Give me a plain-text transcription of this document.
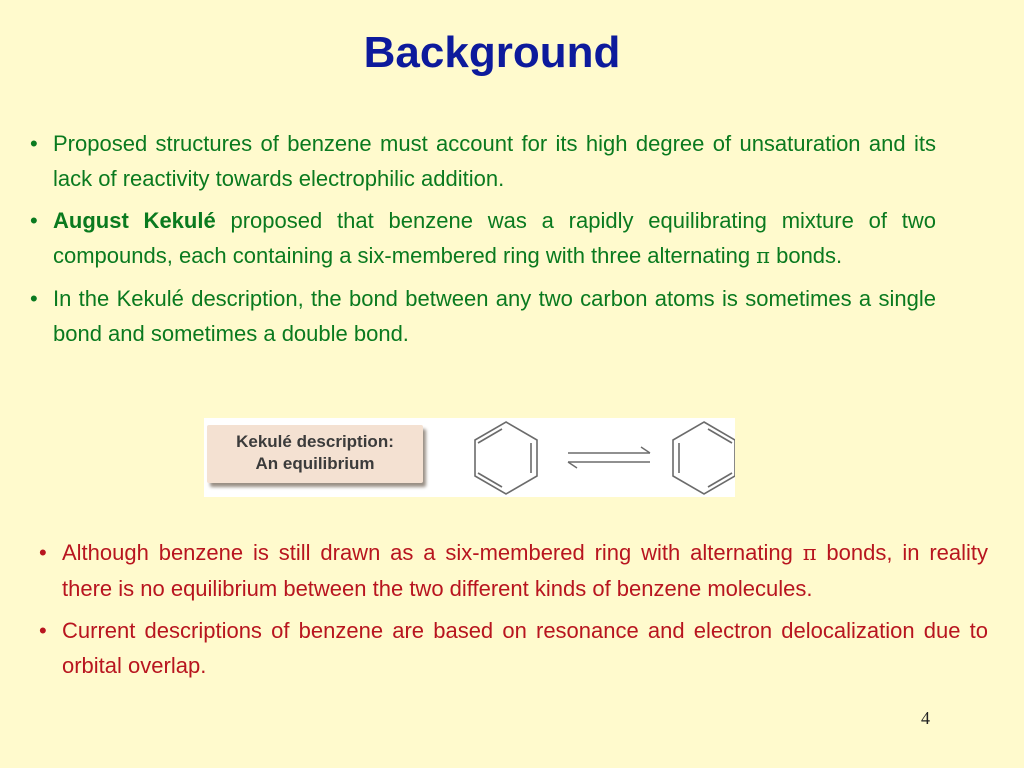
Background
• Proposed structures of benzene must account for its high degree of unsaturation and its lack of reactivity towards electrophilic addition.
• August Kekulé proposed that benzene was a rapidly equilibrating mixture of two compounds, each containing a six-membered ring with three alternating π bonds.
• In the Kekulé description, the bond between any two carbon atoms is sometimes a single bond and sometimes a double bond.
Kekulé description:
An equilibrium
• Although benzene is still drawn as a six-membered ring with alternating π bonds, in reality there is no equilibrium between the two different kinds of benzene molecules.
• Current descriptions of benzene are based on resonance and electron delocalization due to orbital overlap.
4
